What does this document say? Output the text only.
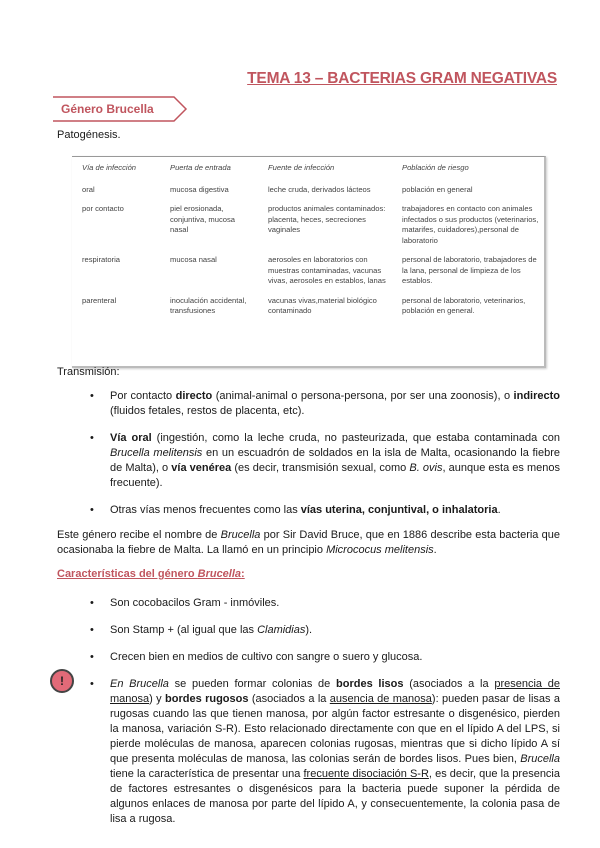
TEMA 13 – BACTERIAS GRAM NEGATIVAS
Género Brucella
Patogénesis.
Vía de infección	Puerta de entrada	Fuente de infección	Población de riesgo
oral	mucosa digestiva	leche cruda, derivados lácteos	población en general
por contacto	piel erosionada, conjuntiva, mucosa nasal	productos animales contaminados: placenta, heces, secreciones vaginales	trabajadores en contacto con animales infectados o sus productos (veterinarios, matarifes, cuidadores),personal de laboratorio
respiratoria	mucosa nasal	aerosoles en laboratorios con muestras contaminadas, vacunas vivas, aerosoles en establos, lanas	personal de laboratorio, trabajadores de la lana, personal de limpieza de los establos.
parenteral	inoculación accidental, transfusiones	vacunas vivas,material biológico contaminado	personal de laboratorio, veterinarios, población en general.
Transmisión:
• Por contacto directo (animal-animal o persona-persona, por ser una zoonosis), o indirecto (fluidos fetales, restos de placenta, etc).
• Vía oral (ingestión, como la leche cruda, no pasteurizada, que estaba contaminada con Brucella melitensis en un escuadrón de soldados en la isla de Malta, ocasionando la fiebre de Malta), o vía venérea (es decir, transmisión sexual, como B. ovis, aunque esta es menos frecuente).
• Otras vías menos frecuentes como las vías uterina, conjuntival, o inhalatoria.
Este género recibe el nombre de Brucella por Sir David Bruce, que en 1886 describe esta bacteria que ocasionaba la fiebre de Malta. La llamó en un principio Micrococus melitensis.
Características del género Brucella:
• Son cocobacilos Gram - inmóviles.
• Son Stamp + (al igual que las Clamidias).
• Crecen bien en medios de cultivo con sangre o suero y glucosa.
• En Brucella se pueden formar colonias de bordes lisos (asociados a la presencia de manosa) y bordes rugosos (asociados a la ausencia de manosa): pueden pasar de lisas a rugosas cuando las que tienen manosa, por algún factor estresante o disgenésico, pierden la manosa, variación S-R). Esto relacionado directamente con que en el lípido A del LPS, si pierde moléculas de manosa, aparecen colonias rugosas, mientras que si dicho lípido A sí que presenta moléculas de manosa, las colonias serán de bordes lisos. Pues bien, Brucella tiene la característica de presentar una frecuente disociación S-R, es decir, que la presencia de factores estresantes o disgenésicos para la bacteria puede suponer la pérdida de algunos enlaces de manosa por parte del lípido A, y consecuentemente, la colonia pasa de lisa a rugosa.
!
